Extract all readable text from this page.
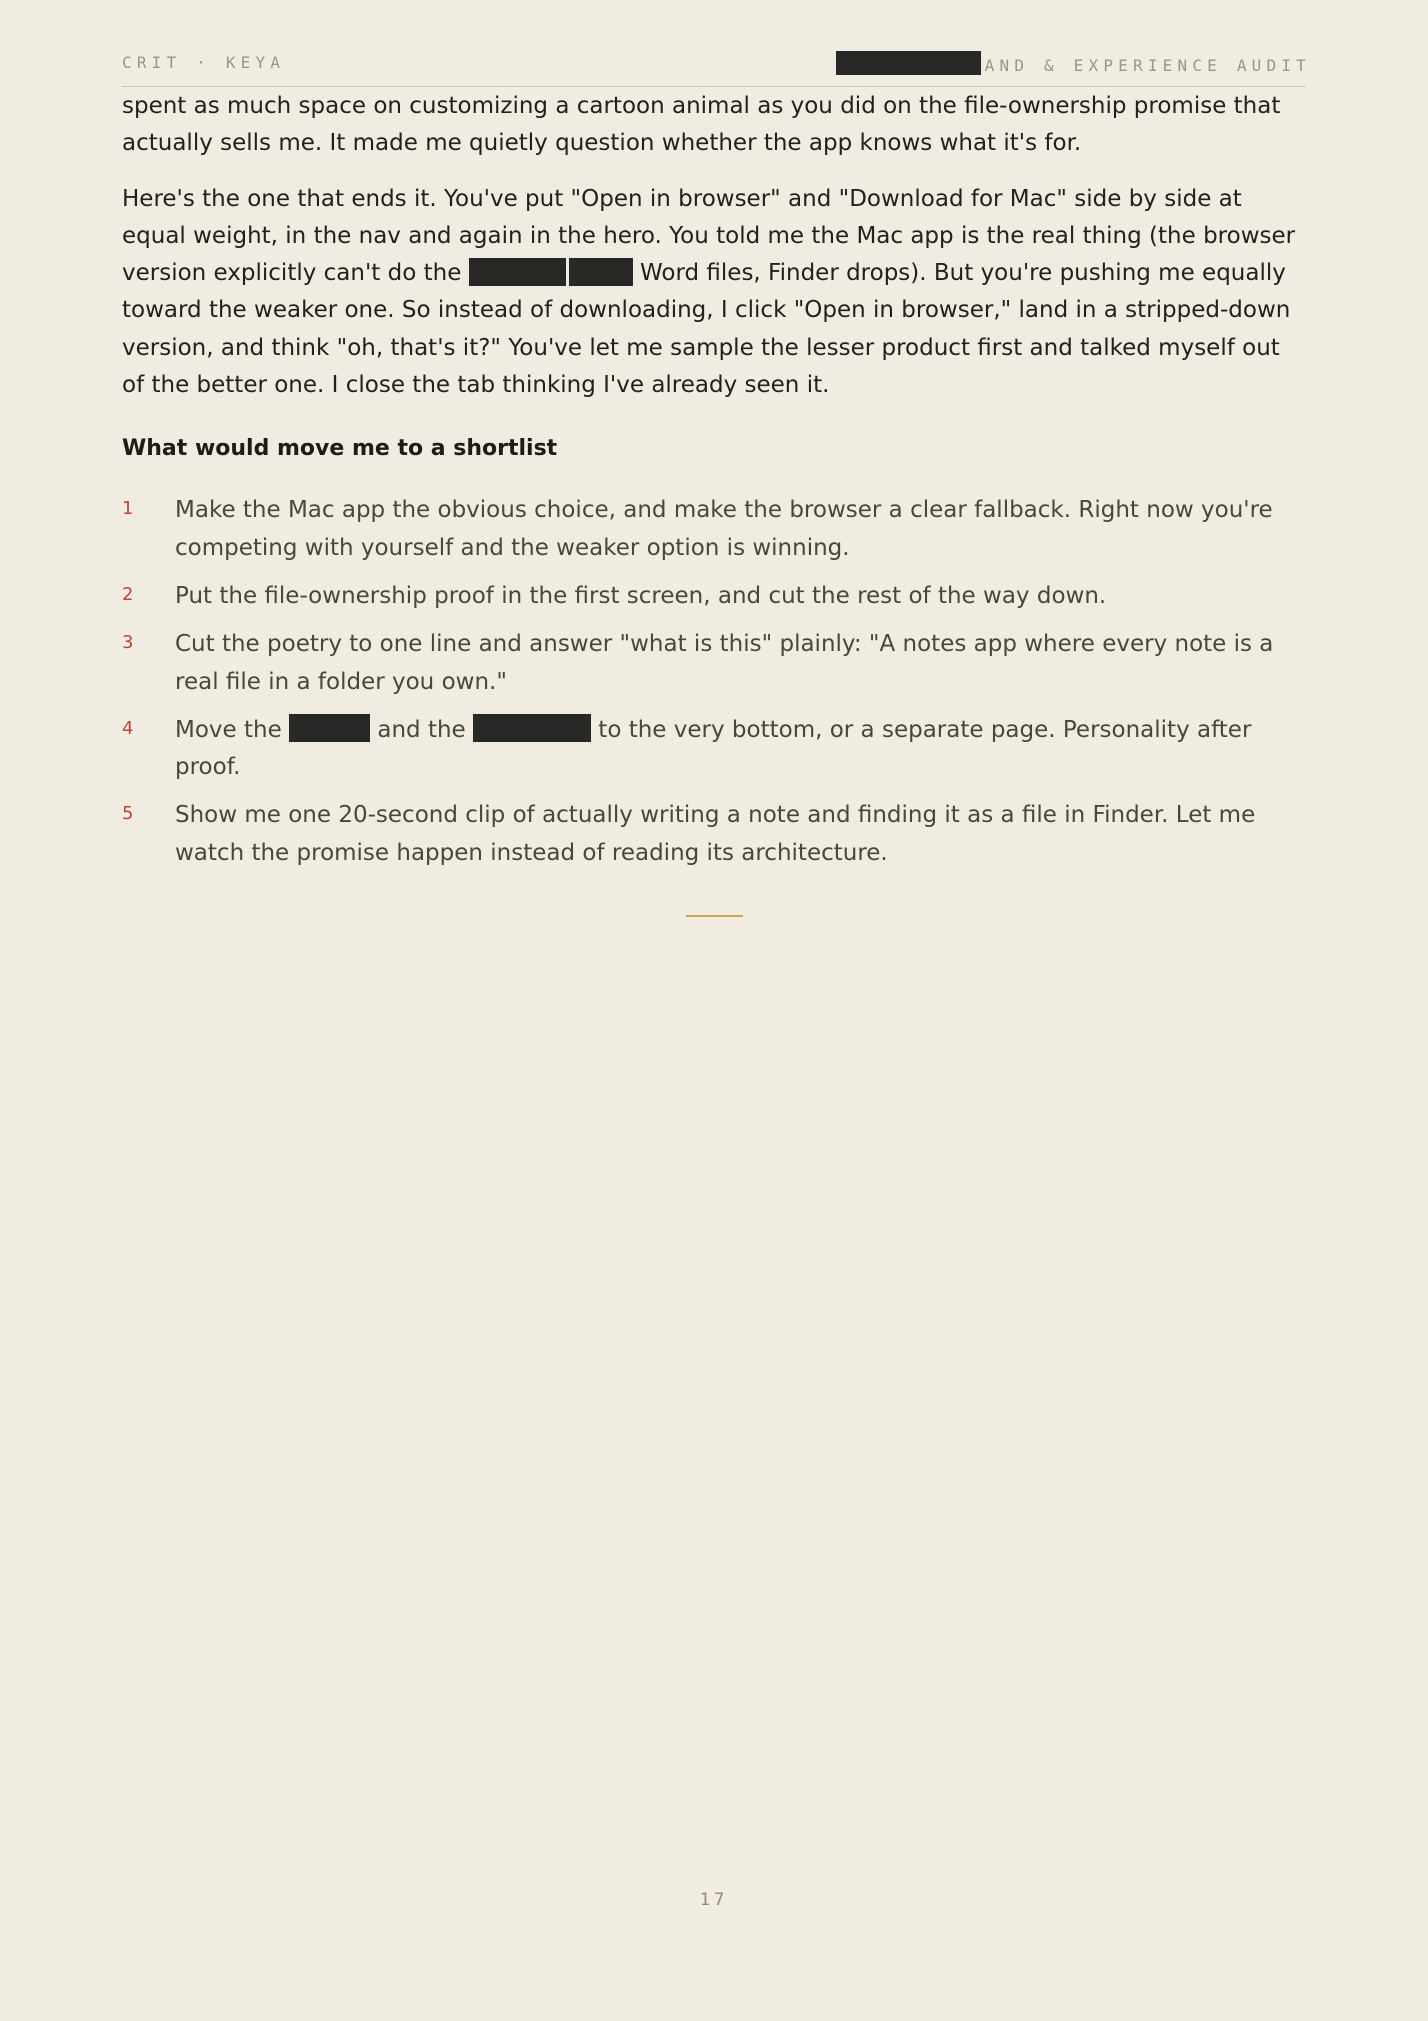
CRIT · KEYA	AND & EXPERIENCE AUDIT

spent as much space on customizing a cartoon animal as you did on the file-ownership promise that actually sells me. It made me quietly question whether the app knows what it's for.

Here's the one that ends it. You've put "Open in browser" and "Download for Mac" side by side at equal weight, in the nav and again in the hero. You told me the Mac app is the real thing (the browser version explicitly can't do the	Word files, Finder drops). But you're pushing me equally toward the weaker one. So instead of downloading, I click "Open in browser," land in a stripped-down version, and think "oh, that's it?" You've let me sample the lesser product first and talked myself out of the better one. I close the tab thinking I've already seen it.

What would move me to a shortlist
1 Make the Mac app the obvious choice, and make the browser a clear fallback. Right now you're competing with yourself and the weaker option is winning.
2 Put the file-ownership proof in the first screen, and cut the rest of the way down.
3 Cut the poetry to one line and answer "what is this" plainly: "A notes app where every note is a real file in a folder you own."
4 Move the	and the	to the very bottom, or a separate page. Personality after proof.
5 Show me one 20-second clip of actually writing a note and finding it as a file in Finder. Let me watch the promise happen instead of reading its architecture.
17
